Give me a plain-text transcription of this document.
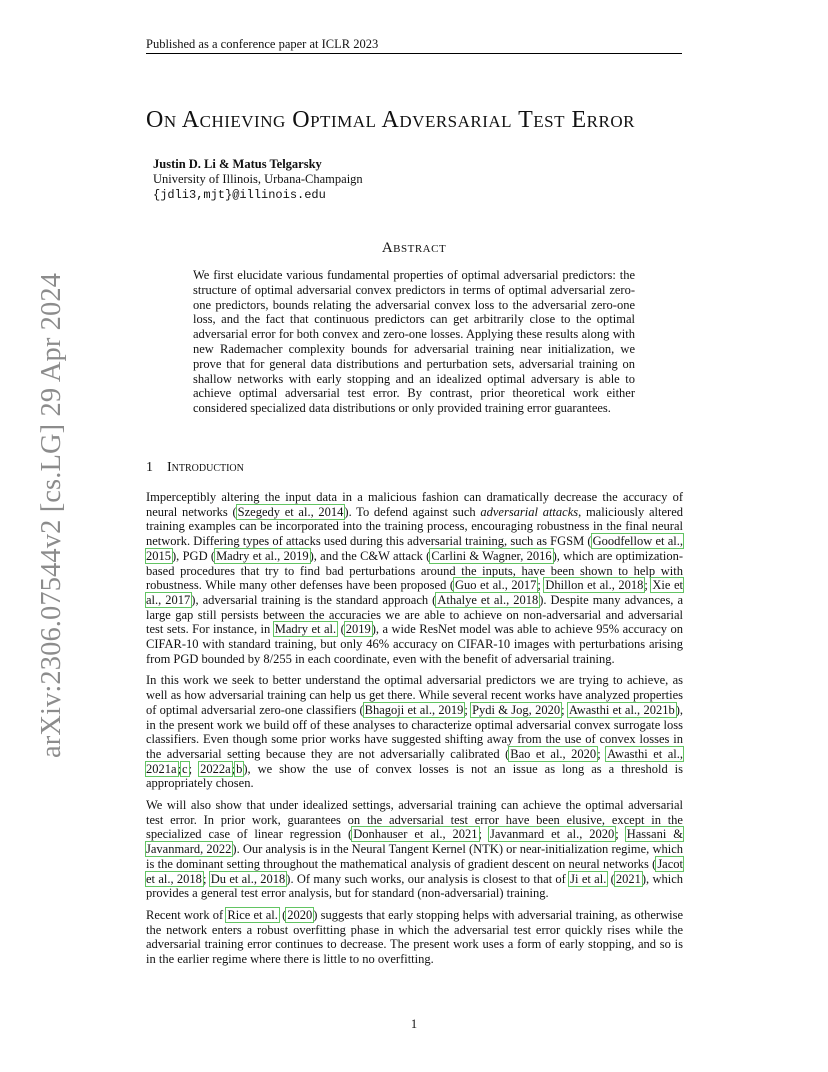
Published as a conference paper at ICLR 2023
arXiv:2306.07544v2 [cs.LG] 29 Apr 2024
On Achieving Optimal Adversarial Test Error
Justin D. Li & Matus Telgarsky
University of Illinois, Urbana-Champaign
{jdli3,mjt}@illinois.edu
Abstract
We first elucidate various fundamental properties of optimal adversarial predictors: the structure of optimal adversarial convex predictors in terms of optimal adversarial zero-one predictors, bounds relating the adversarial convex loss to the adversarial zero-one loss, and the fact that continuous predictors can get arbitrarily close to the optimal adversarial error for both convex and zero-one losses. Applying these results along with new Rademacher complexity bounds for adversarial training near initialization, we prove that for general data distributions and perturbation sets, adversarial training on shallow networks with early stopping and an idealized optimal adversary is able to achieve optimal adversarial test error. By contrast, prior theoretical work either considered specialized data distributions or only provided training error guarantees.
1 Introduction

Imperceptibly altering the input data in a malicious fashion can dramatically decrease the accuracy of neural networks (Szegedy et al., 2014). To defend against such adversarial attacks, maliciously altered training examples can be incorporated into the training process, encouraging robustness in the final neural network. Differing types of attacks used during this adversarial training, such as FGSM (Goodfellow et al., 2015), PGD (Madry et al., 2019), and the C&W attack (Carlini & Wagner, 2016), which are optimization-based procedures that try to find bad perturbations around the inputs, have been shown to help with robustness. While many other defenses have been proposed (Guo et al., 2017; Dhillon et al., 2018; Xie et al., 2017), adversarial training is the standard approach (Athalye et al., 2018). Despite many advances, a large gap still persists between the accuracies we are able to achieve on non-adversarial and adversarial test sets. For instance, in Madry et al. (2019), a wide ResNet model was able to achieve 95% accuracy on CIFAR-10 with standard training, but only 46% accuracy on CIFAR-10 images with perturbations arising from PGD bounded by 8/255 in each coordinate, even with the benefit of adversarial training.

In this work we seek to better understand the optimal adversarial predictors we are trying to achieve, as well as how adversarial training can help us get there. While several recent works have analyzed properties of optimal adversarial zero-one classifiers (Bhagoji et al., 2019; Pydi & Jog, 2020; Awasthi et al., 2021b), in the present work we build off of these analyses to characterize optimal adversarial convex surrogate loss classifiers. Even though some prior works have suggested shifting away from the use of convex losses in the adversarial setting because they are not adversarially calibrated (Bao et al., 2020; Awasthi et al., 2021a;c; 2022a;b), we show the use of convex losses is not an issue as long as a threshold is appropriately chosen.

We will also show that under idealized settings, adversarial training can achieve the optimal adversarial test error. In prior work, guarantees on the adversarial test error have been elusive, except in the specialized case of linear regression (Donhauser et al., 2021; Javanmard et al., 2020; Hassani & Javanmard, 2022). Our analysis is in the Neural Tangent Kernel (NTK) or near-initialization regime, which is the dominant setting throughout the mathematical analysis of gradient descent on neural networks (Jacot et al., 2018; Du et al., 2018). Of many such works, our analysis is closest to that of Ji et al. (2021), which provides a general test error analysis, but for standard (non-adversarial) training.

Recent work of Rice et al. (2020) suggests that early stopping helps with adversarial training, as otherwise the network enters a robust overfitting phase in which the adversarial test error quickly rises while the adversarial training error continues to decrease. The present work uses a form of early stopping, and so is in the earlier regime where there is little to no overfitting.

1
